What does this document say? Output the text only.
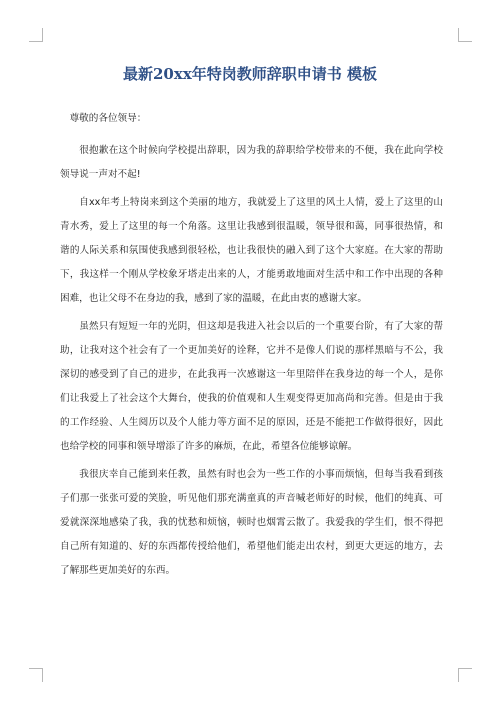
最新20xx年特岗教师辞职申请书 模板

尊敬的各位领导：

很抱歉在这个时候向学校提出辞职，因为我的辞职给学校带来的不便，我在此向学校领导说一声对不起!

自xx年考上特岗来到这个美丽的地方，我就爱上了这里的风土人情，爱上了这里的山青水秀，爱上了这里的每一个角落。这里让我感到很温暖，领导很和蔼，同事很热情，和谐的人际关系和氛围使我感到很轻松，也让我很快的融入到了这个大家庭。在大家的帮助下，我这样一个刚从学校象牙塔走出来的人，才能勇敢地面对生活中和工作中出现的各种困难，也让父母不在身边的我，感到了家的温暖，在此由衷的感谢大家。

虽然只有短短一年的光阴，但这却是我进入社会以后的一个重要台阶，有了大家的帮助，让我对这个社会有了一个更加美好的诠释，它并不是像人们说的那样黑暗与不公，我深切的感受到了自己的进步，在此我再一次感谢这一年里陪伴在我身边的每一个人，是你们让我爱上了社会这个大舞台，使我的价值观和人生观变得更加高尚和完善。但是由于我的工作经验、人生阅历以及个人能力等方面不足的原因，还是不能把工作做得很好，因此也给学校的同事和领导增添了许多的麻烦，在此，希望各位能够谅解。

我很庆幸自己能到来任教，虽然有时也会为一些工作的小事而烦恼，但每当我看到孩子们那一张张可爱的笑脸，听见他们那充满童真的声音喊老师好的时候，他们的纯真、可爱就深深地感染了我，我的忧愁和烦恼，顿时也烟霄云散了。我爱我的学生们，恨不得把自己所有知道的、好的东西都传授给他们，希望他们能走出农村，到更大更远的地方，去了解那些更加美好的东西。
